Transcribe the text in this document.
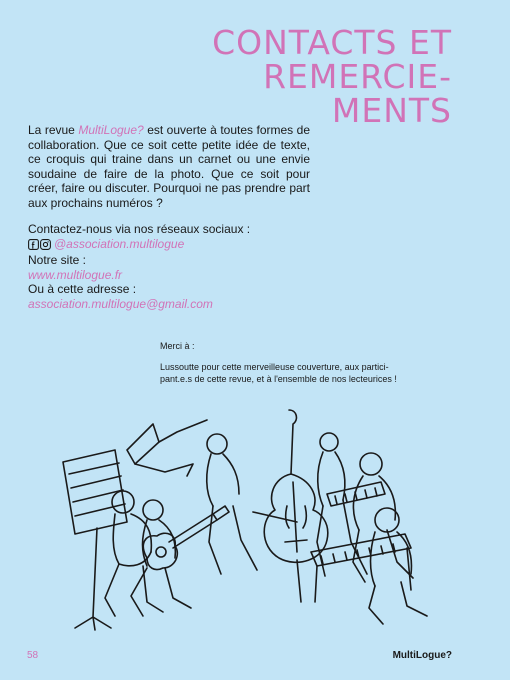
CONTACTS ET
REMERCIE-
MENTS

La revue MultiLogue? est ouverte à toutes formes de collaboration. Que ce soit cette petite idée de texte, ce croquis qui traine dans un carnet ou une envie soudaine de faire de la photo. Que ce soit pour créer, faire ou discuter. Pourquoi ne pas prendre part aux prochains numéros ?

Contactez-nous via nos réseaux sociaux :
@association.multilogue
Notre site :
www.multilogue.fr
Ou à cette adresse :
association.multilogue@gmail.com
Merci à :
Lussoutte pour cette merveilleuse couverture, aux partici-
pant.e.s de cette revue, et à l'ensemble de nos lecteurices !
58	MultiLogue?
